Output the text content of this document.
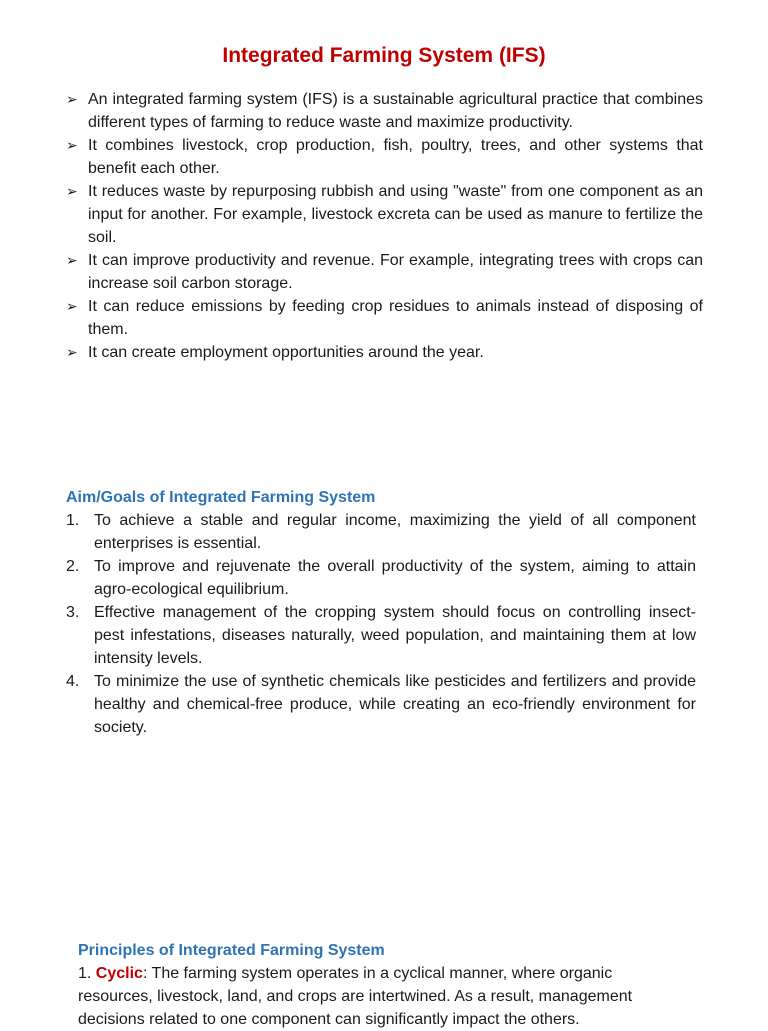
Integrated Farming System (IFS)
➢ An integrated farming system (IFS) is a sustainable agricultural practice that combines different types of farming to reduce waste and maximize productivity.
➢ It combines livestock, crop production, fish, poultry, trees, and other systems that benefit each other.
➢ It reduces waste by repurposing rubbish and using "waste" from one component as an input for another. For example, livestock excreta can be used as manure to fertilize the soil.
➢ It can improve productivity and revenue. For example, integrating trees with crops can increase soil carbon storage.
➢ It can reduce emissions by feeding crop residues to animals instead of disposing of them.
➢ It can create employment opportunities around the year.
Aim/Goals of Integrated Farming System
1. To achieve a stable and regular income, maximizing the yield of all component enterprises is essential.
2. To improve and rejuvenate the overall productivity of the system, aiming to attain agro-ecological equilibrium.
3. Effective management of the cropping system should focus on controlling insect- pest infestations, diseases naturally, weed population, and maintaining them at low intensity levels.
4. To minimize the use of synthetic chemicals like pesticides and fertilizers and provide healthy and chemical-free produce, while creating an eco-friendly environment for society.
Principles of Integrated Farming System
1. Cyclic: The farming system operates in a cyclical manner, where organic resources, livestock, land, and crops are intertwined. As a result, management decisions related to one component can significantly impact the others.
